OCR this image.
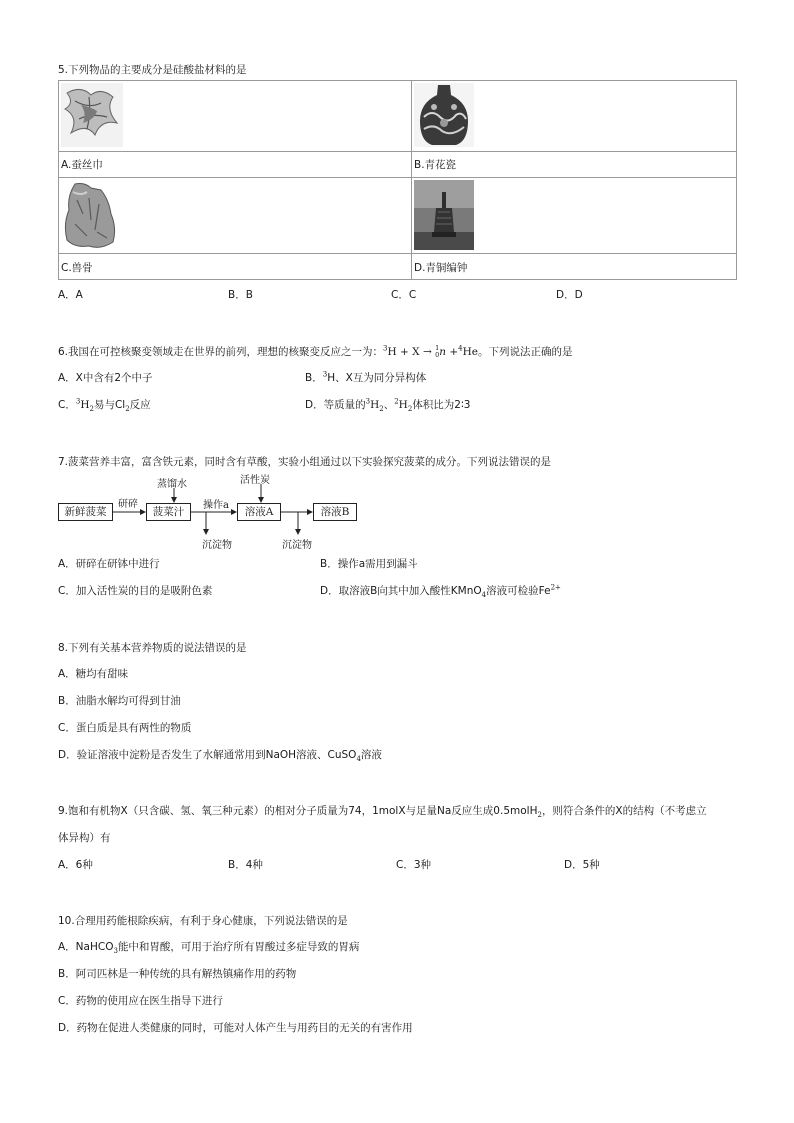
5.下列物品的主要成分是硅酸盐材料的是
A.蚕丝巾	B.青花瓷
C.兽骨	D.青铜编钟
A．A	B．B	C．C	D．D
6.我国在可控核聚变领域走在世界的前列，理想的核聚变反应之一为：$^3$H + X → 1
0n +$^4$He。下列说法正确的是
A．X中含有2个中子	B．$^3$H、X互为同分异构体
C．$^3H_2$易与$Cl_2$反应	D．等质量的$^3H_2$、$^2H_2$体积比为2∶3
7.菠菜营养丰富，富含铁元素，同时含有草酸，实验小组通过以下实验探究菠菜的成分。下列说法错误的是
新鲜菠菜	菠菜汁	溶液A	溶液B
研碎
蒸馏水
操作a
活性炭
沉淀物	沉淀物
A．研碎在研钵中进行	B．操作a需用到漏斗
C．加入活性炭的目的是吸附色素	D．取溶液B向其中加入酸性KMnO$_4$溶液可检验$Fe^{2+}$
8.下列有关基本营养物质的说法错误的是
A．糖均有甜味
B．油脂水解均可得到甘油
C．蛋白质是具有两性的物质
D．验证溶液中淀粉是否发生了水解通常用到NaOH溶液、CuSO$_4$溶液
9.饱和有机物X（只含碳、氢、氧三种元素）的相对分子质量为74，1molX与足量Na反应生成0.5molH$_2$，则符合条件的X的结构（不考虑立
体异构）有
A．6种	B．4种	C．3种	D．5种
10.合理用药能根除疾病，有利于身心健康，下列说法错误的是
A．NaHCO$_3$能中和胃酸，可用于治疗所有胃酸过多症导致的胃病
B．阿司匹林是一种传统的具有解热镇痛作用的药物
C．药物的使用应在医生指导下进行
D．药物在促进人类健康的同时，可能对人体产生与用药目的无关的有害作用
